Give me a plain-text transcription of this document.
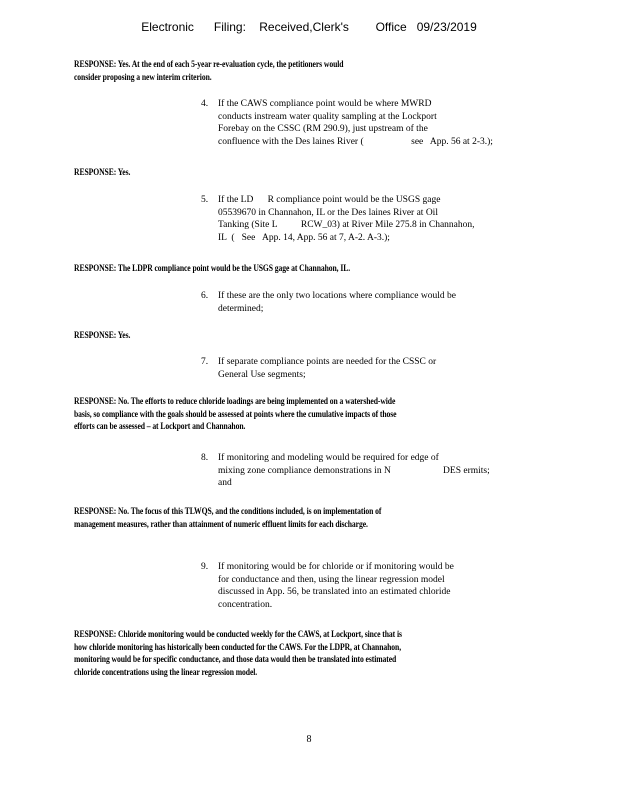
Electronic      Filing:    Received,Clerk's        Office   09/23/2019
RESPONSE: Yes. At the end of each 5-year re-evaluation cycle, the petitioners would consider proposing a new interim criterion.
4. If the CAWS compliance point would be where MWRD
conducts instream water quality sampling at the Lockport
Forebay on the CSSC (RM 290.9), just upstream of the
confluence with the Des laines River (                    see   App. 56 at 2-3.);
RESPONSE: Yes.
5. If the LD      R compliance point would be the USGS gage
05539670 in Channahon, IL or the Des laines River at Oil
Tanking (Site L          RCW_03) at River Mile 275.8 in Channahon,
IL  (   See   App. 14, App. 56 at 7, A-2. A-3.);
RESPONSE: The LDPR compliance point would be the USGS gage at Channahon, IL.
6. If these are the only two locations where compliance would be
determined;
RESPONSE: Yes.
7. If separate compliance points are needed for the CSSC or
General Use segments;
RESPONSE: No. The efforts to reduce chloride loadings are being implemented on a watershed-wide basis, so compliance with the goals should be assessed at points where the cumulative impacts of those efforts can be assessed – at Lockport and Channahon.
8. If monitoring and modeling would be required for edge of
mixing zone compliance demonstrations in N                      DES ermits;
and
RESPONSE: No. The focus of this TLWQS, and the conditions included, is on implementation of management measures, rather than attainment of numeric effluent limits for each discharge.
9. If monitoring would be for chloride or if monitoring would be
for conductance and then, using the linear regression model
discussed in App. 56, be translated into an estimated chloride
concentration.
RESPONSE: Chloride monitoring would be conducted weekly for the CAWS, at Lockport, since that is how chloride monitoring has historically been conducted for the CAWS. For the LDPR, at Channahon, monitoring would be for specific conductance, and those data would then be translated into estimated chloride concentrations using the linear regression model.
8
